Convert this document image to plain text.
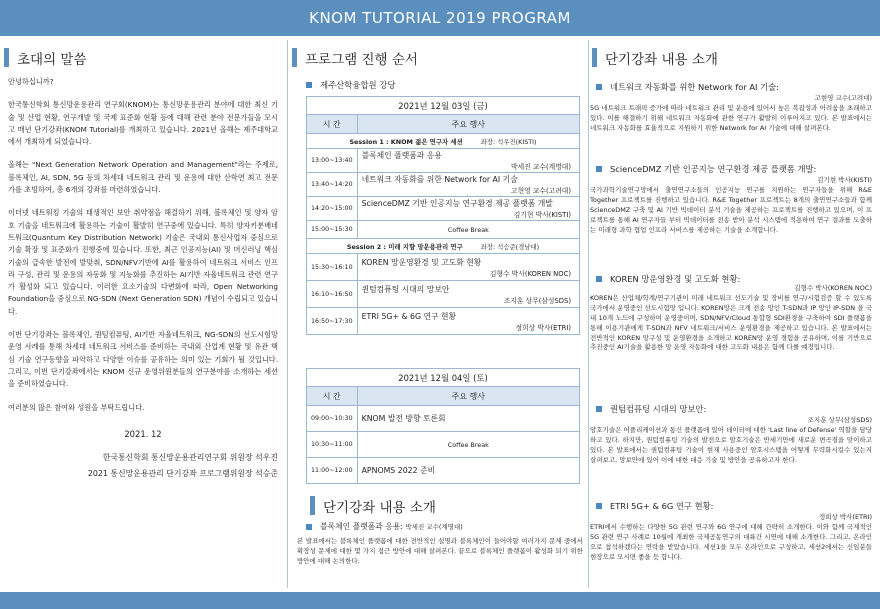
KNOM TUTORIAL 2019 PROGRAM
초대의 말씀

안녕하십니까?

한국통신학회 통신망운용관리 연구회(KNOM)는 통신망운용관리 분야에 대한 최신 기술 및 산업 현황, 연구개발 및 국제 표준화 현황 등에 대해 관련 분야 전문가들을 모시고 매년 단기강좌(KNOM Tutorial)를 개최하고 있습니다. 2021년 올해는 제주대학교에서 개최하게 되었습니다.

올해는 "Next Generation Network Operation and Management"라는 주제로, 블록체인, AI, SDN, 5G 등의 차세대 네트워크 관리 및 운용에 대한 산학연 최고 전문가를 초빙하여, 총 6개의 강좌를 마련하였습니다.

이더넷 네트워킹 기술의 태생적인 보안 취약점을 해결하기 위해, 블록체인 및 양자 암호 기술을 네트워크에 활용하는 기술이 활발히 연구중에 있습니다. 특히 양자키분배네트워크(Quantum Key Distribution Network) 기술은 국내외 통신사업자 중심으로 기술 확장 및 표준화가 진행중에 있습니다. 또한, 최근 인공지능(AI) 및 머신러닝 핵심기술의 급속한 발전에 발맞춰, SDN/NFV기반에 AI를 활용하여 네트워크 서비스 인프라 구성, 관리 및 운용의 자동화 및 지능화를 추진하는 AI기반 자율네트워크 관련 연구가 활성화 되고 있습니다. 이러한 요소기술의 다변화에 따라, Open Networking Foundation을 중심으로 NG-SDN (Next Generation SDN) 개념이 수립되고 있습니다.

이번 단기강좌는 블록체인, 퀀텀컴퓨팅, AI기반 자율네트워크, NG-SDN의 선도시험망 운영 사례를 통해 차세대 네트워크 서비스를 준비하는 국내외 산업계 현황 및 유관 핵심 기술 연구동향을 파악하고 다양한 이슈를 공유하는 의미 있는 기회가 될 것입니다. 그리고, 이번 단기강좌에서는 KNOM 신규 운영위원분들의 연구분야를 소개하는 세션을 준비하였습니다.

여러분의 많은 참여와 성원을 부탁드립니다.

2021. 12
한국통신학회 통신망운용관리연구회 위원장 석우진
2021 통신망운용관리 단기강좌 프로그램위원장 석승준
프로그램 진행 순서
제주산학융합원 강당
2021년 12월 03일 (금)	
시 간	주요 행사
Session 1 : KNOM 젊은 연구자 세션 좌장: 석우진(KISTI)	
13:00~13:40	블록체인 플랫폼과 응용
박세진 교수(계명대)

13:40~14:20	네트워크 자동화를 위한 Network for AI 기술
고현영 교수(고려대)

14:20~15:00	ScienceDMZ 기반 인공지능 연구환경 제공 플랫폼 개발
김기현 박사(KISTI)

15:00~15:30	Coffee Break
Session 2 : 미래 지향 망운용관리 연구 좌장: 석승준(경남대)	
15:30~16:10	KOREN 망운영환경 및 고도화 현황
김형수 박사(KOREN NOC)

16:10~16:50	퀀텀컴퓨팅 시대의 망보안
조지훈 상무(삼성SDS)

16:50~17:30	ETRI 5G+ & 6G 연구 현황
정희상 박사(ETRI)
2021년 12월 04일 (토)	
시 간	주요 행사
09:00~10:30	KNOM 발전 방향 토론회

10:30~11:00	Coffee Break
11:00~12:00	APNOMS 2022 준비
단기강좌 내용 소개
블록체인 플랫폼과 응용:
박세진 교수(계명대)
본 발표에서는 블록체인 플랫폼에 대한 전반적인 설명과 블록체인이 들어야할 여러가지 문제 중에서 확장성 문제에 대한 몇 가지 접근 방안에 대해 살펴본다. 끝으로 블록체인 플랫폼이 활성화 되기 위한 방안에 대해 논의한다.
단기강좌 내용 소개
네트워크 자동화를 위한 Network for AI 기술:
고현영 교수(고려대)
5G 네트워크 트래픽 증가에 따라 네트워크 관리 및 운용에 있어서 높은 복잡성과 어려움을 초래하고 있다. 이를 해결하기 위해 네트워크 자동화에 관한 연구가 활발히 이루어지고 있다. 본 발표에서는 네트워크 자동화를 효율적으로 지원하기 위한 Network for AI 기술에 대해 살펴본다.
ScienceDMZ 기반 인공지능 연구환경 제공 플랫폼 개발:
김기현 박사(KISTI)
국가과학기술연구망에서 출연연구소들의 인공지능 연구를 지원하는 연구자들을 위해 R&E Together 프로젝트를 진행하고 있습니다. R&E Together 프로젝트는 8개의 출연연구소들과 함께 ScienceDMZ 구축 및 AI 기반 빅데이터 분석 기술을 제공하는 프로젝트를 진행하고 있으며, 이 프로젝트를 통해 AI 연구자들 부터 빅데이터를 전송 받아 분석 시스템에 적용하여 연구 결과를 도출하는 미래형 과학 협업 인프라 서비스를 제공하는 기술을 소개합니다.
KOREN 망운영환경 및 고도화 현황:
김형수 박사(KOREN NOC)
KOREN은 산업체/학계/연구기관이 미래 네트워크 선도기술 및 장비를 연구/시험검증 할 수 있도록 국가에서 운영중인 선도시험망 입니다. KOREN망은 크게 전송 망인 T-SDN과 IP 망인 IP-SDN 을 국내 10개 노드에 구성하여 운영중이며, SDN/NFV/Cloud 통합형 SDI환경을 구축하여 SDI 플랫폼을 통해 이용기관에게 T-SDN과 NFV 네트워크/서비스 운영환경을 제공하고 있습니다. 본 발표에서는 전반적인 KOREN 망구성 및 운영환경을 소개하고 KOREN망 운영 경험을 공유하며, 이를 기반으로 추진중인 AI기술을 활용한 망 운영 자동화에 대한 고도화 내용은 함께 다룰 예정입니다.
퀀텀컴퓨팅 시대의 망보안:
조지훈 상무(삼성SDS)
암호기술은 어플리케이션과 통신 플랫폼에 있어 데이터에 대한 'Last line of Defense' 역할을 담당하고 있다. 하지만, 퀀텀컴퓨팅 기술의 발전으로 암호기술은 반세기만에 새로운 변곡점을 맞이하고 있다. 본 발표에서는 퀀텀컴퓨팅 기술이 현재 사용중인 암호시스템을 어떻게 무력화시킬수 있는지 살펴보고, 망보안에 있어 이에 대한 대응 기술 및 방안을 공유하고자 한다.
ETRI 5G+ & 6G 연구 현황:
정희상 박사(ETRI)
ETRI에서 수행하는 다양한 5G 관련 연구와 6G 연구에 대해 간략히 소개한다. 이와 함께 국제적인 5G 관련 연구 사례로 10월에 개최한 국제공동연구의 대륙간 시연에 대해 소개한다. 그리고, 온라인으로 참석하겠다는 연락을 받았습니다. 세션1을 모두 온라인으로 구성하고, 세션2에서는 신임분들 현장으로 모시면 좋을 듯 합니다.
